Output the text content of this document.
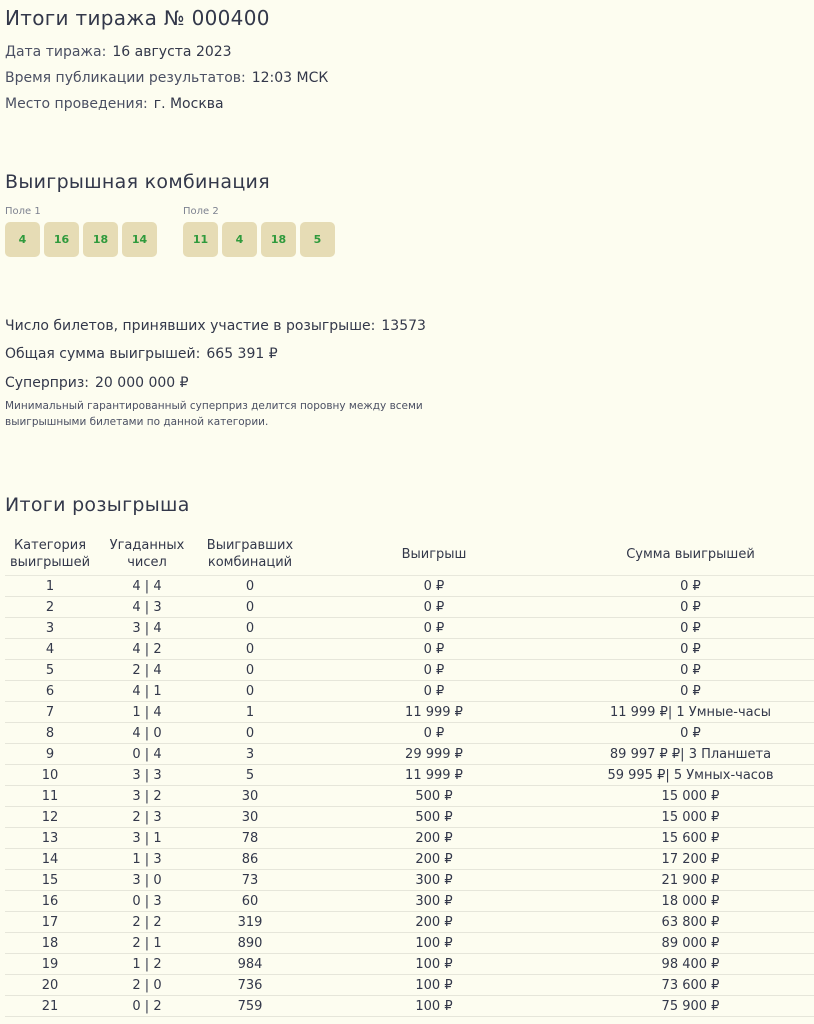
Итоги тиража № 000400
Дата тиража: 16 августа 2023
Время публикации результатов: 12:03 МСК
Место проведения: г. Москва
Выигрышная комбинация
Поле 1
4	16	18	14
Поле 2
11	4	18	5
Число билетов, принявших участие в розыгрыше: 13573
Общая сумма выигрышей: 665 391 ₽
Суперприз: 20 000 000 ₽
Минимальный гарантированный суперприз делится поровну между всеми выигрышными билетами по данной категории.
Итоги розыгрыша
Категория выигрышей	Угаданных чисел	Выигравших комбинаций	Выигрыш	Сумма выигрышей
1	4 | 4	0	0 ₽	0 ₽
2	4 | 3	0	0 ₽	0 ₽
3	3 | 4	0	0 ₽	0 ₽
4	4 | 2	0	0 ₽	0 ₽
5	2 | 4	0	0 ₽	0 ₽
6	4 | 1	0	0 ₽	0 ₽
7	1 | 4	1	11 999 ₽	11 999 ₽| 1 Умные-часы
8	4 | 0	0	0 ₽	0 ₽
9	0 | 4	3	29 999 ₽	89 997 ₽ ₽| 3 Планшета
10	3 | 3	5	11 999 ₽	59 995 ₽| 5 Умных-часов
11	3 | 2	30	500 ₽	15 000 ₽
12	2 | 3	30	500 ₽	15 000 ₽
13	3 | 1	78	200 ₽	15 600 ₽
14	1 | 3	86	200 ₽	17 200 ₽
15	3 | 0	73	300 ₽	21 900 ₽
16	0 | 3	60	300 ₽	18 000 ₽
17	2 | 2	319	200 ₽	63 800 ₽
18	2 | 1	890	100 ₽	89 000 ₽
19	1 | 2	984	100 ₽	98 400 ₽
20	2 | 0	736	100 ₽	73 600 ₽
21	0 | 2	759	100 ₽	75 900 ₽
